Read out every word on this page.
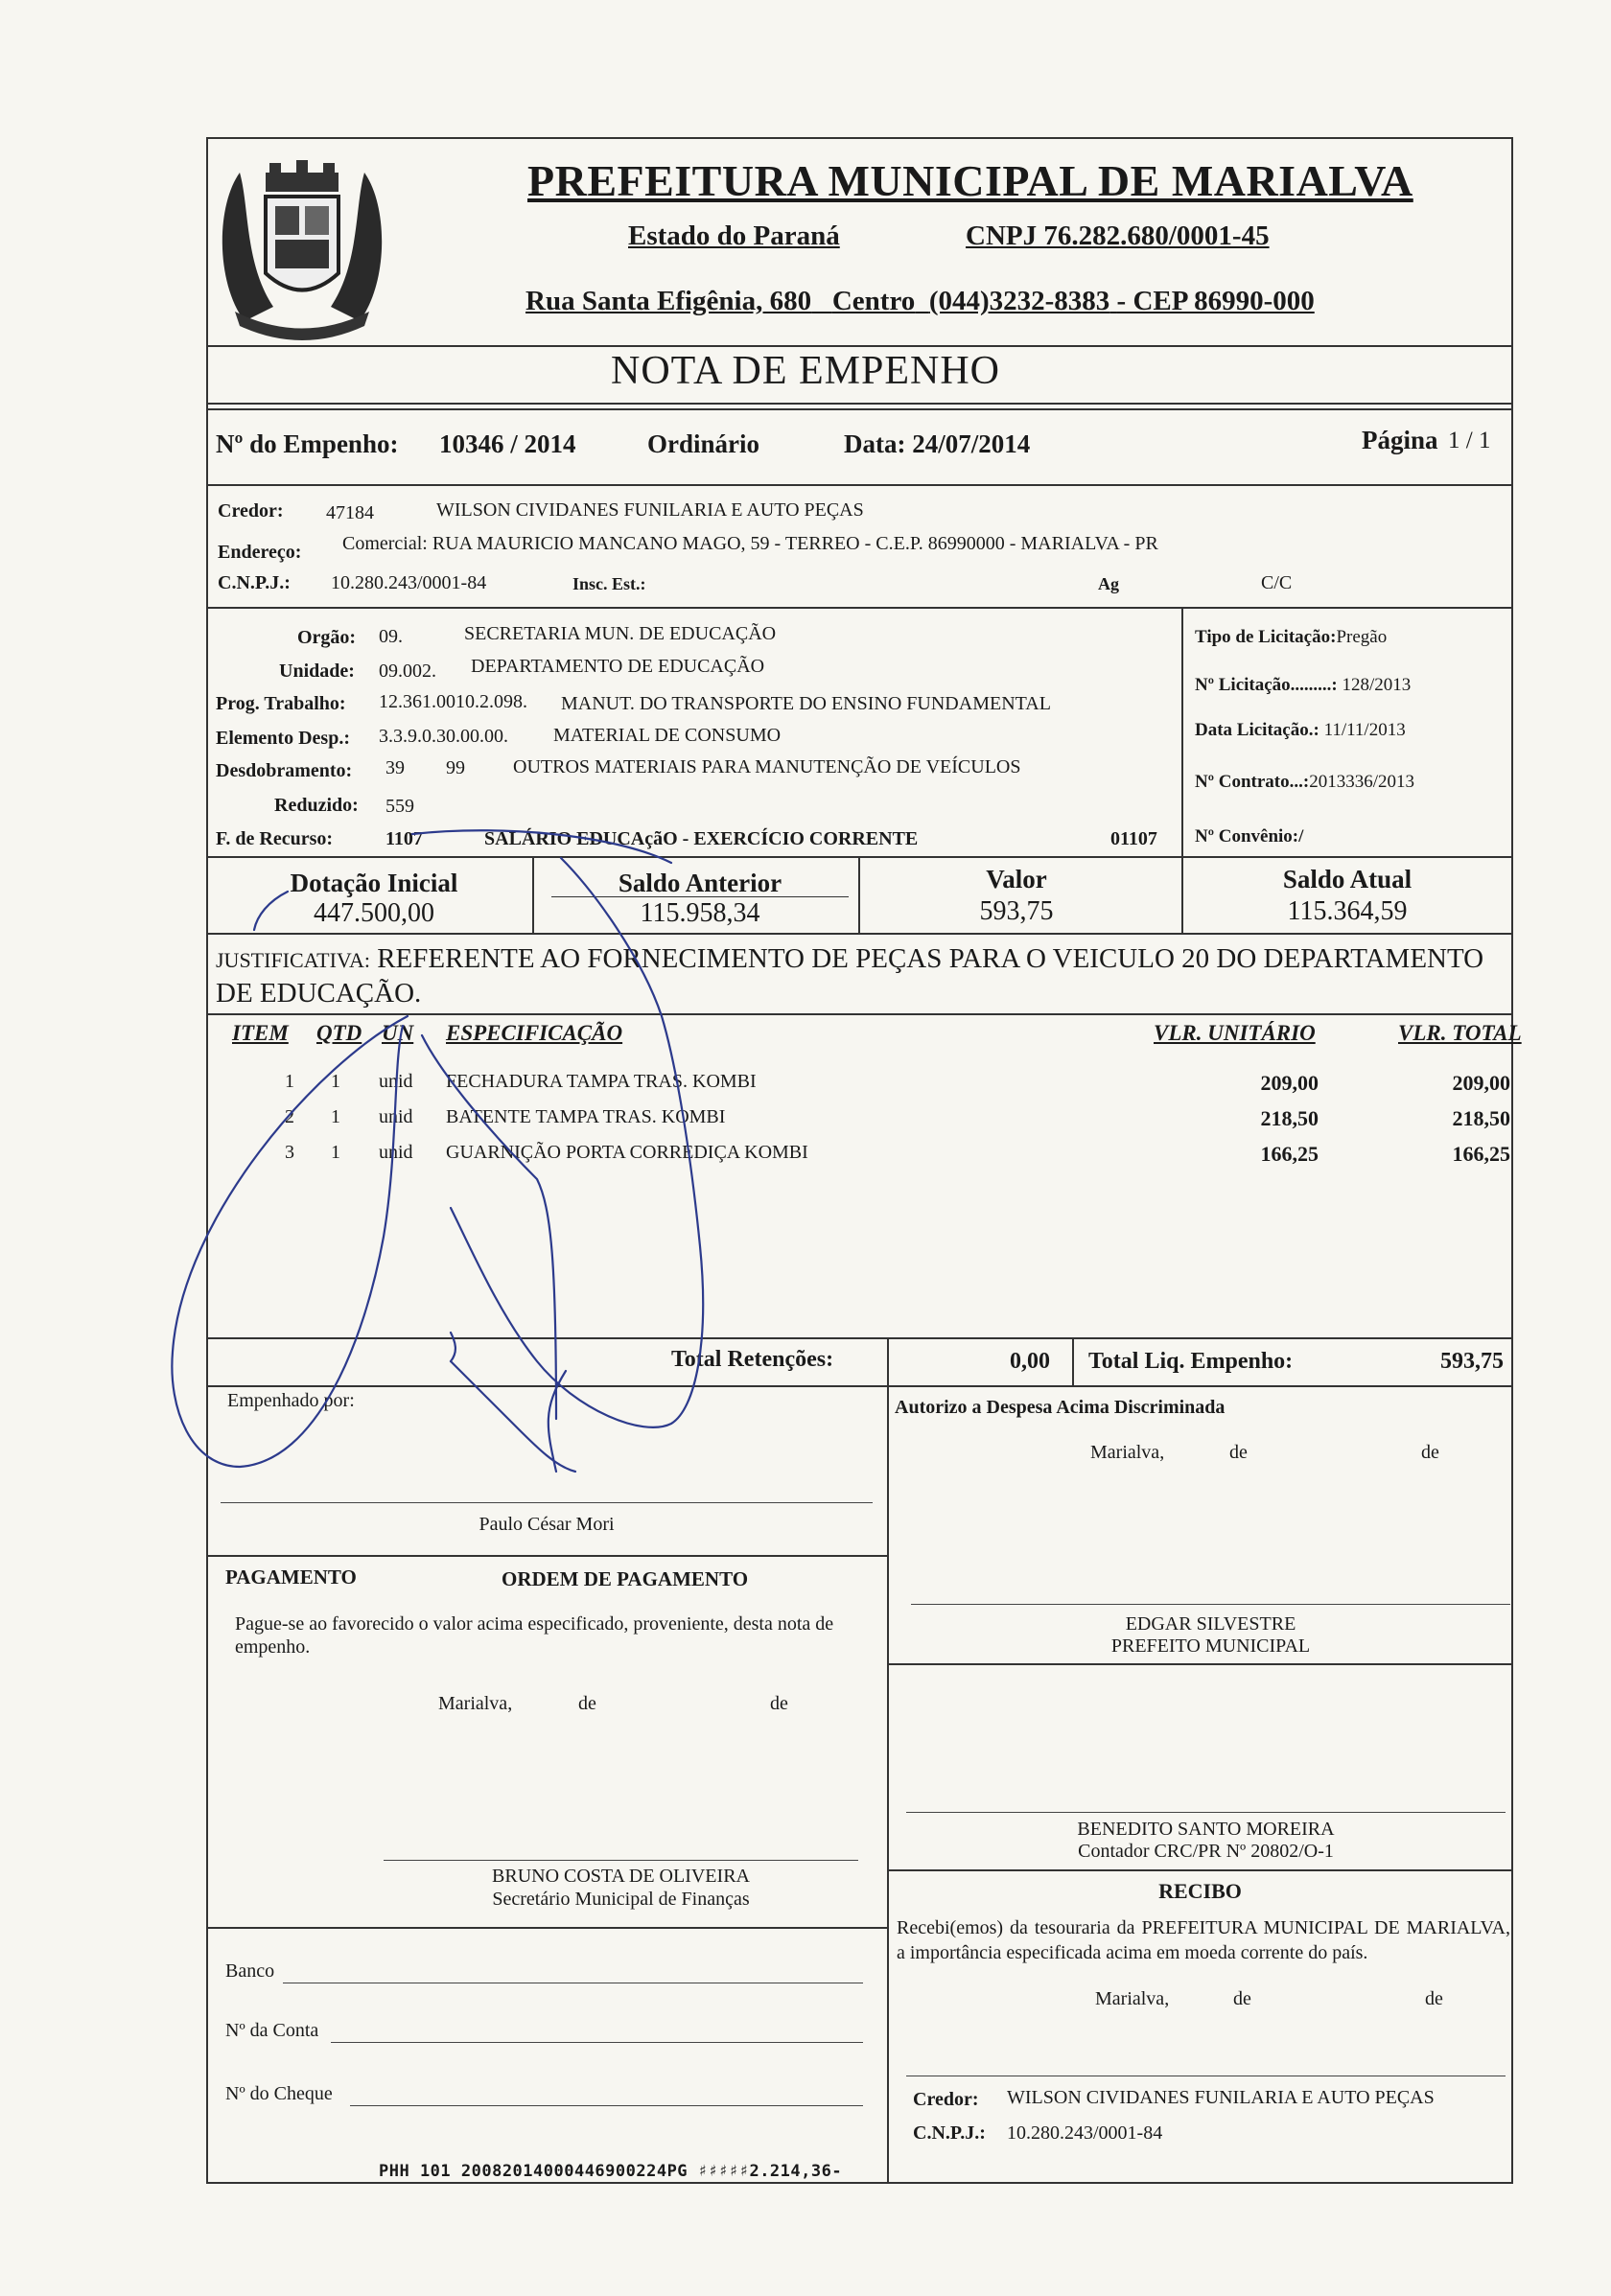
PREFEITURA MUNICIPAL DE MARIALVA
Estado do Paraná	CNPJ 76.282.680/0001-45
Rua Santa Efigênia, 680 Centro (044)3232-8383 - CEP 86990-000
NOTA DE EMPENHO
Nº do Empenho: 10346 / 2014	Ordinário	Data: 24/07/2014	Página 1 / 1
Credor: 47184	WILSON CIVIDANES FUNILARIA E AUTO PEÇAS
Endereço: Comercial: RUA MAURICIO MANCANO MAGO, 59 - TERREO - C.E.P. 86990000 - MARIALVA - PR
C.N.P.J.: 10.280.243/0001-84	Insc. Est.:	Ag	C/C
Orgão: 09.	SECRETARIA MUN. DE EDUCAÇÃO
Unidade: 09.002. DEPARTAMENTO DE EDUCAÇÃO
Prog. Trabalho: 12.361.0010.2.098. MANUT. DO TRANSPORTE DO ENSINO FUNDAMENTAL
Elemento Desp.: 3.3.9.0.30.00.00. MATERIAL DE CONSUMO
Desdobramento: 39 99	OUTROS MATERIAIS PARA MANUTENÇÃO DE VEÍCULOS
Reduzido: 559
F. de Recurso:	1107	SALÁRIO EDUCAçãO - EXERCÍCIO CORRENTE	01107
Tipo de Licitação:Pregão
Nº Licitação.........: 128/2013
Data Licitação.: 11/11/2013
Nº Contrato...:2013336/2013
Nº Convênio:/
Dotação Inicial
447.500,00
Saldo Anterior
115.958,34
Valor
593,75
Saldo Atual
115.364,59
JUSTIFICATIVA: REFERENTE AO FORNECIMENTO DE PEÇAS PARA O VEICULO 20 DO DEPARTAMENTO
DE EDUCAÇÃO.
ITEM QTD UN ESPECIFICAÇÃO	VLR. UNITÁRIO	VLR. TOTAL
1 1 unid	FECHADURA TAMPA TRAS. KOMBI	209,00	209,00
2 1 unid	BATENTE TAMPA TRAS. KOMBI	218,50	218,50
3 1 unid	GUARNIÇÃO PORTA CORREDIÇA KOMBI	166,25	166,25
Total Retenções:	0,00 Total Liq. Empenho:	593,75
Empenhado por:
Paulo César Mori
Autorizo a Despesa Acima Discriminada
Marialva,	de	de
EDGAR SILVESTRE
PREFEITO MUNICIPAL
PAGAMENTO	ORDEM DE PAGAMENTO
Pague-se ao favorecido o valor acima especificado, proveniente, desta nota de empenho.
Marialva,	de	de
BENEDITO SANTO MOREIRA
Contador CRC/PR Nº 20802/O-1
BRUNO COSTA DE OLIVEIRA
Secretário Municipal de Finanças	RECIBO
Recebi(emos) da tesouraria da PREFEITURA MUNICIPAL DE MARIALVA, a importância especificada acima em moeda corrente do país.
Marialva,	de	de
Credor: WILSON CIVIDANES FUNILARIA E AUTO PEÇAS
C.N.P.J.: 10.280.243/0001-84
Banco
Nº da Conta
Nº do Cheque
PHH 101 20082014000446900224PG ♯♯♯♯♯2.214,36-
